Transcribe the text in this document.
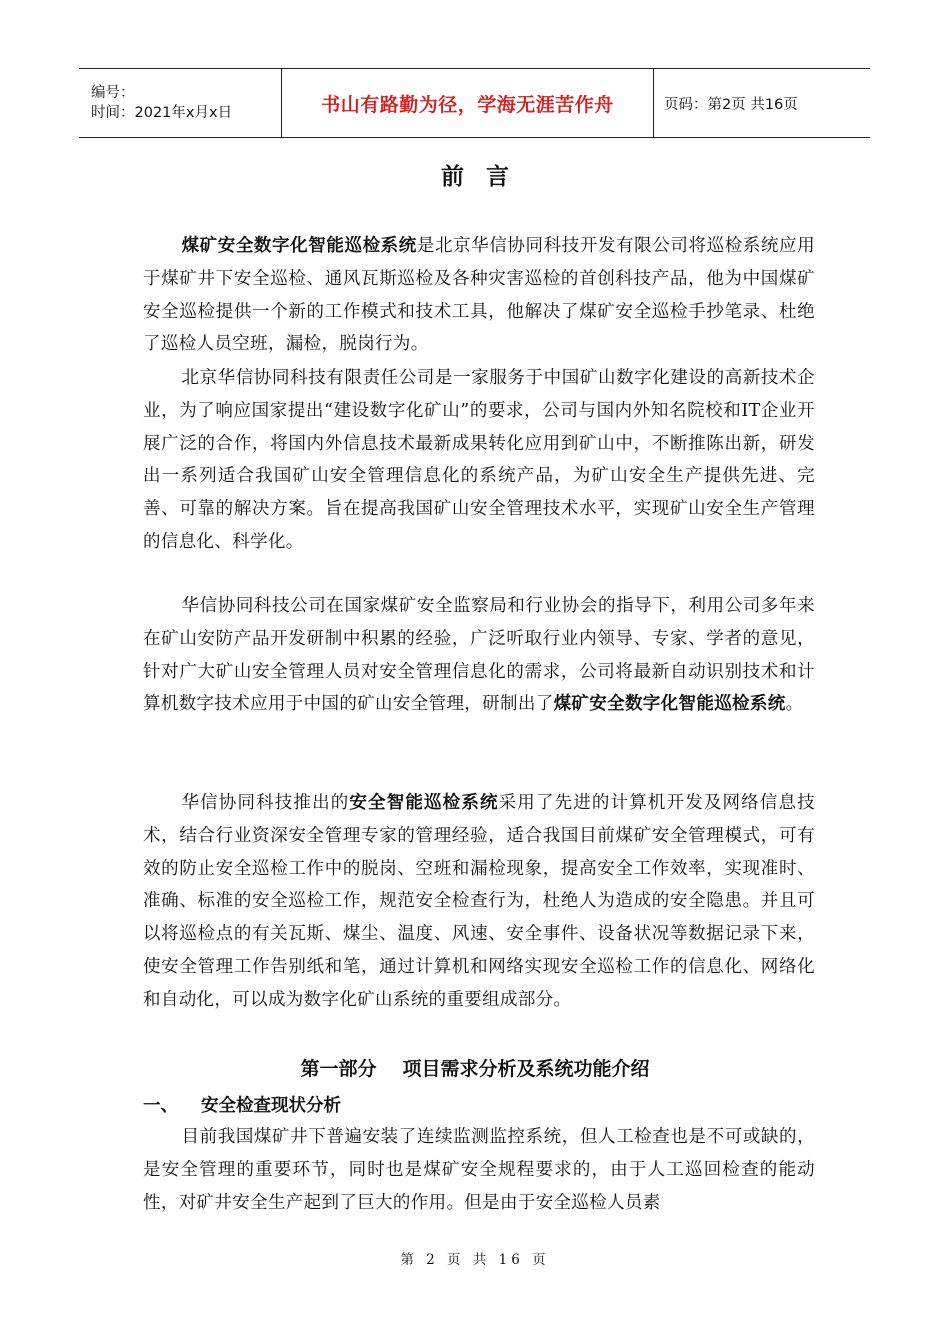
编号：
时间：2021年x月x日	书山有路勤为径，学海无涯苦作舟	页码：第2页 共16页
前言

煤矿安全数字化智能巡检系统是北京华信协同科技开发有限公司将巡检系统应用于煤矿井下安全巡检、通风瓦斯巡检及各种灾害巡检的首创科技产品，他为中国煤矿安全巡检提供一个新的工作模式和技术工具，他解决了煤矿安全巡检手抄笔录、杜绝了巡检人员空班，漏检，脱岗行为。

北京华信协同科技有限责任公司是一家服务于中国矿山数字化建设的高新技术企业，为了响应国家提出“建设数字化矿山”的要求，公司与国内外知名院校和IT企业开展广泛的合作，将国内外信息技术最新成果转化应用到矿山中，不断推陈出新，研发出一系列适合我国矿山安全管理信息化的系统产品，为矿山安全生产提供先进、完善、可靠的解决方案。旨在提高我国矿山安全管理技术水平，实现矿山安全生产管理的信息化、科学化。

华信协同科技公司在国家煤矿安全监察局和行业协会的指导下，利用公司多年来在矿山安防产品开发研制中积累的经验，广泛听取行业内领导、专家、学者的意见，针对广大矿山安全管理人员对安全管理信息化的需求，公司将最新自动识别技术和计算机数字技术应用于中国的矿山安全管理，研制出了煤矿安全数字化智能巡检系统。

华信协同科技推出的安全智能巡检系统采用了先进的计算机开发及网络信息技术，结合行业资深安全管理专家的管理经验，适合我国目前煤矿安全管理模式，可有效的防止安全巡检工作中的脱岗、空班和漏检现象，提高安全工作效率，实现准时、准确、标准的安全巡检工作，规范安全检查行为，杜绝人为造成的安全隐患。并且可以将巡检点的有关瓦斯、煤尘、温度、风速、安全事件、设备状况等数据记录下来，使安全管理工作告别纸和笔，通过计算机和网络实现安全巡检工作的信息化、网络化和自动化，可以成为数字化矿山系统的重要组成部分。

第一部分 项目需求分析及系统功能介绍
一、 安全检查现状分析

目前我国煤矿井下普遍安装了连续监测监控系统，但人工检查也是不可或缺的，是安全管理的重要环节，同时也是煤矿安全规程要求的，由于人工巡回检查的能动性，对矿井安全生产起到了巨大的作用。但是由于安全巡检人员素

第 2 页 共 16 页
